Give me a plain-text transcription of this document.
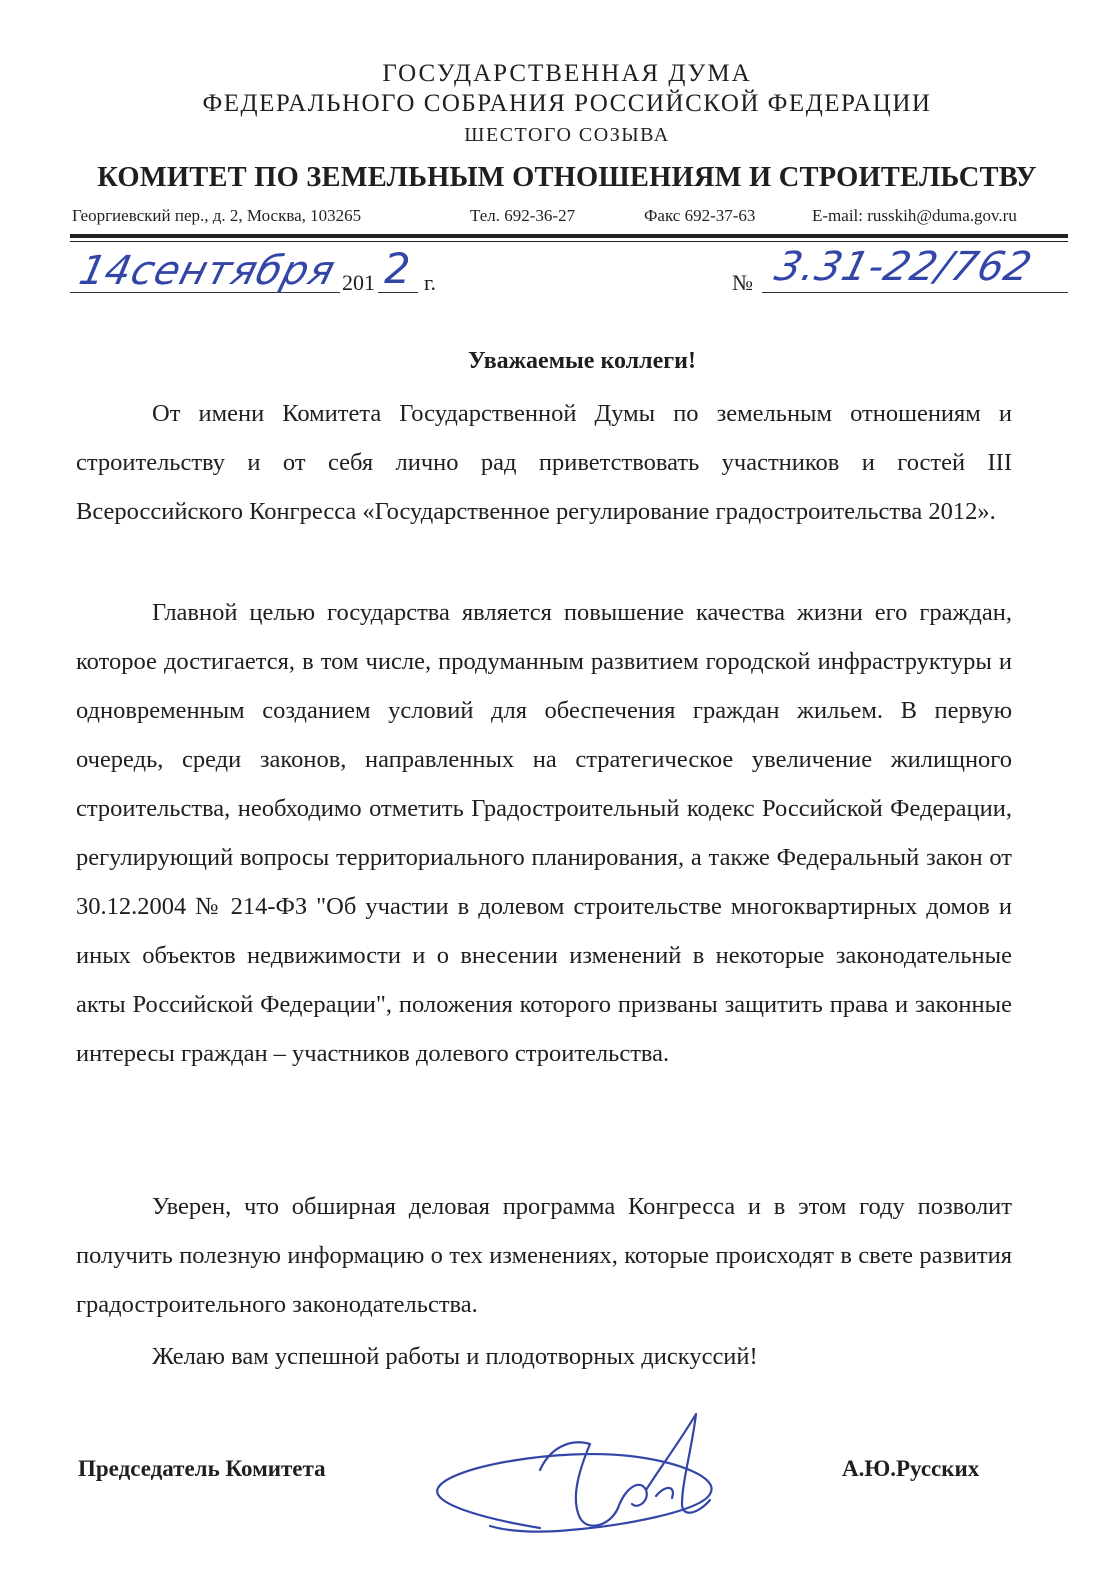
ГОСУДАРСТВЕННАЯ ДУМА
ФЕДЕРАЛЬНОГО СОБРАНИЯ РОССИЙСКОЙ ФЕДЕРАЦИИ
ШЕСТОГО СОЗЫВА
КОМИТЕТ ПО ЗЕМЕЛЬНЫМ ОТНОШЕНИЯМ И СТРОИТЕЛЬСТВУ
Георгиевский пер., д. 2, Москва, 103265	Тел. 692-36-27	Факс 692-37-63	E-mail: russkih@duma.gov.ru
14
сентября 201 2 г.	№ 3.31-22/762
Уважаемые коллеги!

От имени Комитета Государственной Думы по земельным отношениям и строительству и от себя лично рад приветствовать участников и гостей III Всероссийского Конгресса «Государственное регулирование градостроительства 2012».

Главной целью государства является повышение качества жизни его граждан, которое достигается, в том числе, продуманным развитием городской инфраструктуры и одновременным созданием условий для обеспечения граждан жильем. В первую очередь, среди законов, направленных на стратегическое увеличение жилищного строительства, необходимо отметить Градостроительный кодекс Российской Федерации, регулирующий вопросы территориального планирования, а также Федеральный закон от 30.12.2004 № 214-ФЗ "Об участии в долевом строительстве многоквартирных домов и иных объектов недвижимости и о внесении изменений в некоторые законодательные акты Российской Федерации", положения которого призваны защитить права и законные интересы граждан – участников долевого строительства.

Уверен, что обширная деловая программа Конгресса и в этом году позволит получить полезную информацию о тех изменениях, которые происходят в свете развития градостроительного законодательства.

Желаю вам успешной работы и плодотворных дискуссий!

Председатель Комитета	А.Ю.Русских
